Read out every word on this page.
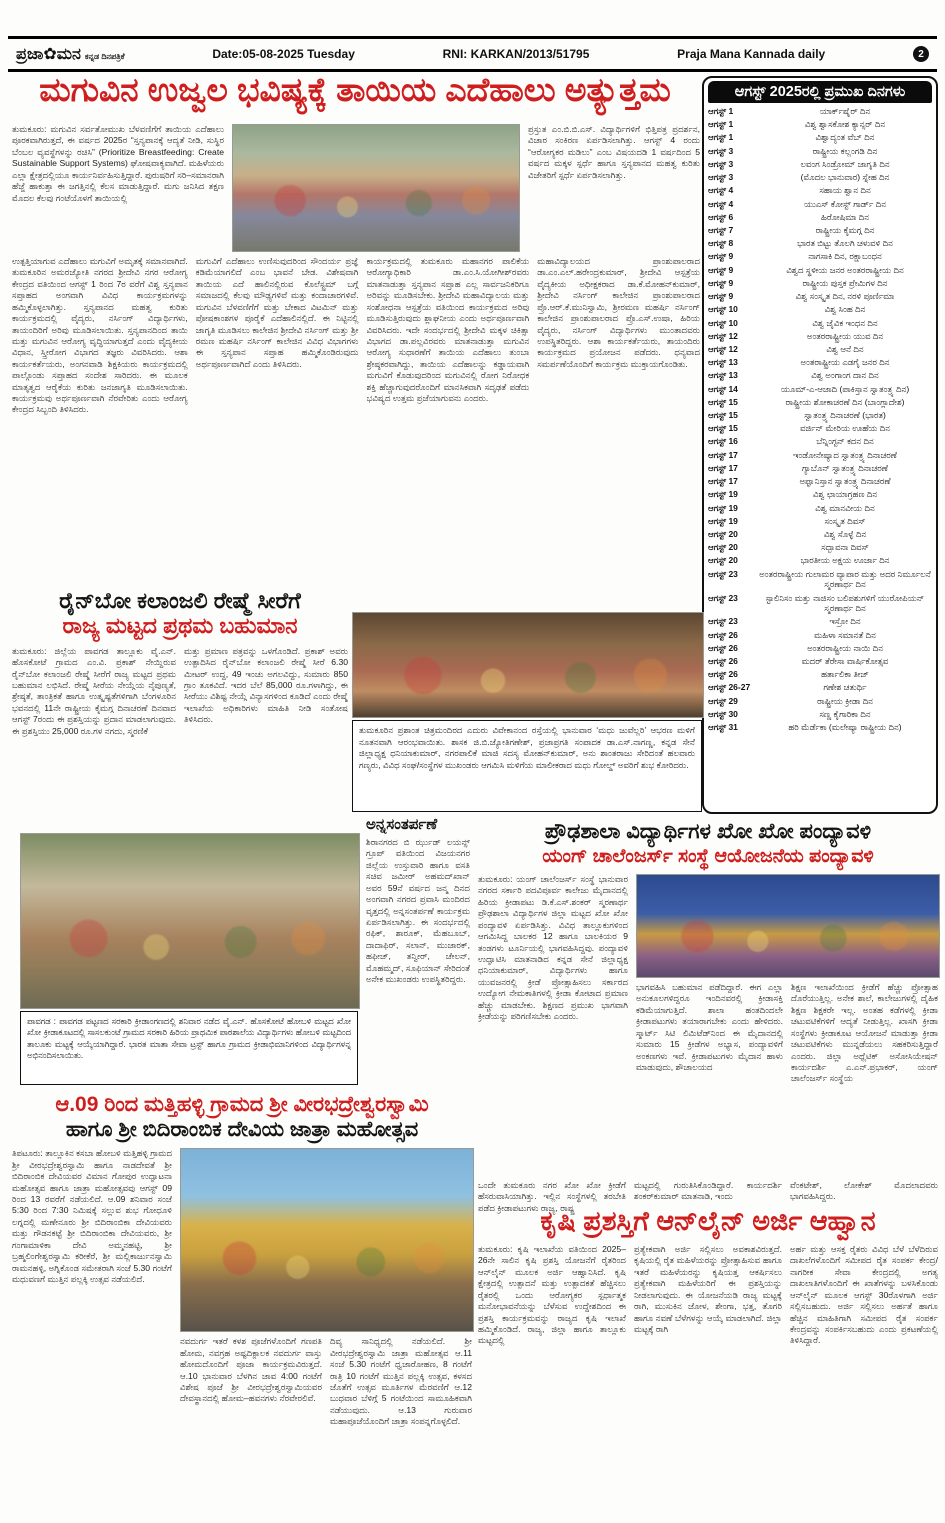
ಪ್ರಜಾ✿ಮನ ಕನ್ನಡ ದಿನಪತ್ರಿಕೆ	Date:05-08-2025 Tuesday	RNI: KARKAN/2013/51795	Praja Mana Kannada daily	2
ಮಗುವಿನ ಉಜ್ವಲ ಭವಿಷ್ಯಕ್ಕೆ ತಾಯಿಯ ಎದೆಹಾಲು ಅತ್ಯುತ್ತಮ	ಆಗಸ್ಟ್ 2025ರಲ್ಲಿ ಪ್ರಮುಖ ದಿನಗಳು
ಆಗಸ್ಟ್ 1	ಯಾರ್ಕ್‌ಷೈರ್ ದಿನ
ಆಗಸ್ಟ್ 1	ವಿಶ್ವ ಶ್ವಾಸಕೋಶ ಕ್ಯಾನ್ಸರ್ ದಿನ
ಆಗಸ್ಟ್ 1	ವಿಶ್ವಾದ್ಯಂತ ವೆಬ್ ದಿನ
ಆಗಸ್ಟ್ 3	ರಾಷ್ಟ್ರೀಯ ಕಲ್ಲಂಗಡಿ ದಿನ
ಆಗಸ್ಟ್ 3	ಲವಂಗ ಸಿಂಡ್ರೋಮ್ ಜಾಗೃತಿ ದಿನ
ಆಗಸ್ಟ್ 3	(ಮೊದಲ ಭಾನುವಾರ) ಸ್ನೇಹ ದಿನ
ಆಗಸ್ಟ್ 4	ಸಹಾಯ ಶ್ವಾನ ದಿನ
ಆಗಸ್ಟ್ 4	ಯುಎಸ್ ಕೋಸ್ಟ್ ಗಾರ್ಡ್ ದಿನ
ಆಗಸ್ಟ್ 6	ಹಿರೋಷಿಮಾ ದಿನ
ಆಗಸ್ಟ್ 7	ರಾಷ್ಟ್ರೀಯ ಕೈಮಗ್ಗ ದಿನ
ಆಗಸ್ಟ್ 8	ಭಾರತ ಬಿಟ್ಟು ತೊಲಗಿ ಚಳುವಳಿ ದಿನ
ಆಗಸ್ಟ್ 9	ನಾಗಸಾಕಿ ದಿನ, ರಕ್ಷಾಬಂಧನ
ಆಗಸ್ಟ್ 9	ವಿಶ್ವದ ಸ್ಥಳೀಯ ಜನರ ಅಂತರರಾಷ್ಟ್ರೀಯ ದಿನ
ಆಗಸ್ಟ್ 9	ರಾಷ್ಟ್ರೀಯ ಪುಸ್ತಕ ಪ್ರೇಮಿಗಳ ದಿನ
ಆಗಸ್ಟ್ 9	ವಿಶ್ವ ಸಂಸ್ಕೃತ ದಿನ, ನರಳಿ ಪೂರ್ಣಿಮಾ
ಆಗಸ್ಟ್ 10	ವಿಶ್ವ ಸಿಂಹ ದಿನ
ಆಗಸ್ಟ್ 10	ವಿಶ್ವ ಜೈವಿಕ ಇಂಧನ ದಿನ
ಆಗಸ್ಟ್ 12	ಅಂತರರಾಷ್ಟ್ರೀಯ ಯುವ ದಿನ
ಆಗಸ್ಟ್ 12	ವಿಶ್ವ ಆನೆ ದಿನ
ಆಗಸ್ಟ್ 13	ಅಂತರಾಷ್ಟ್ರೀಯ ಎಡಗೈ ಜನರ ದಿನ
ಆಗಸ್ಟ್ 13	ವಿಶ್ವ ಅಂಗಾಂಗ ದಾನ ದಿನ
ಆಗಸ್ಟ್ 14	ಯೂಮ್-ಎ-ಆಜಾದಿ (ಪಾಕಿಸ್ತಾನ ಸ್ವಾತಂತ್ರ್ಯ ದಿನ)
ಆಗಸ್ಟ್ 15	ರಾಷ್ಟ್ರೀಯ ಶೋಕಾಚರಣೆ ದಿನ (ಬಾಂಗ್ಲಾದೇಶ)
ಆಗಸ್ಟ್ 15	ಸ್ವಾತಂತ್ರ್ಯ ದಿನಾಚರಣೆ (ಭಾರತ)
ಆಗಸ್ಟ್ 15	ವರ್ಜಿನ್ ಮೇರಿಯ ಊಹೆಯ ದಿನ
ಆಗಸ್ಟ್ 16	ಬೆನ್ನಿಂಗ್ಟನ್ ಕದನ ದಿನ
ಆಗಸ್ಟ್ 17	ಇಂಡೋನೇಷ್ಯಾದ ಸ್ವಾತಂತ್ರ್ಯ ದಿನಾಚರಣೆ
ಆಗಸ್ಟ್ 17	ಗ್ಯಾಬೊನ್ ಸ್ವಾತಂತ್ರ್ಯ ದಿನಾಚರಣೆ
ಆಗಸ್ಟ್ 17	ಅಫ್ಘಾನಿಸ್ತಾನ ಸ್ವಾತಂತ್ರ್ಯ ದಿನಾಚರಣೆ
ಆಗಸ್ಟ್ 19	ವಿಶ್ವ ಛಾಯಾಗ್ರಹಣ ದಿನ
ಆಗಸ್ಟ್ 19	ವಿಶ್ವ ಮಾನವೀಯ ದಿನ
ಆಗಸ್ಟ್ 19	ಸಂಸ್ಕೃತ ದಿವಸ್
ಆಗಸ್ಟ್ 20	ವಿಶ್ವ ಸೊಳ್ಳೆ ದಿನ
ಆಗಸ್ಟ್ 20	ಸದ್ಭಾವನಾ ದಿವಸ್
ಆಗಸ್ಟ್ 20	ಭಾರತೀಯ ಅಕ್ಷಯ ಊರ್ಜಾ ದಿನ
ಆಗಸ್ಟ್ 23	ಅಂತರರಾಷ್ಟ್ರೀಯ ಗುಲಾಮರ ವ್ಯಾಪಾರ ಮತ್ತು ಅದರ ನಿರ್ಮೂಲನೆ ಸ್ಮರಣಾರ್ಥ ದಿನ
ಆಗಸ್ಟ್ 23	ಸ್ಟಾಲಿನಿಸಂ ಮತ್ತು ನಾಜಿಸಂ ಬಲಿಪಶುಗಳಿಗೆ ಯುರೋಪಿಯನ್ ಸ್ಮರಣಾರ್ಥ ದಿನ
ಆಗಸ್ಟ್ 23	ಇಸ್ರೋ ದಿನ
ಆಗಸ್ಟ್ 26	ಮಹಿಳಾ ಸಮಾನತೆ ದಿನ
ಆಗಸ್ಟ್ 26	ಅಂತರರಾಷ್ಟ್ರೀಯ ನಾಯಿ ದಿನ
ಆಗಸ್ಟ್ 26	ಮದರ್ ತೆರೇಸಾ ವಾರ್ಷಿಕೋತ್ಸವ
ಆಗಸ್ಟ್ 26	ಹರ್ತಾಲಿಕಾ ತೀಜ್
ಆಗಸ್ಟ್ 26-27	ಗಣೇಶ ಚತುರ್ಥಿ
ಆಗಸ್ಟ್ 29	ರಾಷ್ಟ್ರೀಯ ಕ್ರೀಡಾ ದಿನ
ಆಗಸ್ಟ್ 30	ಸಣ್ಣ ಕೈಗಾರಿಕಾ ದಿನ
ಆಗಸ್ಟ್ 31	ಹರಿ ಮೆರ್ಡೆಕಾ (ಮಲೇಷ್ಯಾ ರಾಷ್ಟ್ರೀಯ ದಿನ)
ತುಮಕೂರು: ಮಗುವಿನ ಸರ್ವತೋಮುಖ ಬೆಳವಣಿಗೆಗೆ ತಾಯಿಯ ಎದೆಹಾಲು ಪೂರಕವಾಗಿರುತ್ತದೆ, ಈ ವರ್ಷದ 2025ರ “ಸ್ತನ್ಯಪಾನಕ್ಕೆ ಆದ್ಯತೆ ನೀಡಿ, ಸುಸ್ಥಿರ ಬೆಂಬಲ ವ್ಯವಸ್ಥೆಗಳನ್ನು ರಚಿಸಿ” (Prioritize Breastfeeding: Create Sustainable Support Systems) ಘೋಷವಾಕ್ಯವಾಗಿದೆ. ಮಹಿಳೆಯರು ಎಲ್ಲಾ ಕ್ಷೇತ್ರದಲ್ಲಿಯೂ ಕಾರ್ಯನಿರ್ವಹಿಸುತ್ತಿದ್ದಾರೆ. ಪುರುಷರಿಗೆ ಸರಿ–ಸಮಾನರಾಗಿ ಹೆಜ್ಜೆ ಹಾಕುತ್ತಾ ಈ ಜಗತ್ತಿನಲ್ಲಿ ಕೆಲಸ ಮಾಡುತ್ತಿದ್ದಾರೆ. ಮಗು ಜನಿಸಿದ ತಕ್ಷಣ ಮೊದಲ ಕೆಲವು ಗಂಟೆಯೊಳಗೆ ತಾಯಿಯಲ್ಲಿ
ಪ್ರಸ್ತುತ ಎಂ.ಬಿ.ಬಿ.ಎಸ್. ವಿದ್ಯಾರ್ಥಿಗಳಿಗೆ ಭಿತ್ತಿಪತ್ರ ಪ್ರದರ್ಶನ, ವಿಚಾರ ಸಂಕಿರಣ ಏರ್ಪಡಿಸಲಾಗಿತ್ತು. ಆಗಸ್ಟ್ 4 ರಂದು “ಆರೋಗ್ಯಕರ ಮಡಿಲು” ಎಂಬ ವಿಷಯದಡಿ 1 ವರ್ಷದಿಂದ 5 ವರ್ಷದ ಮಕ್ಕಳ ಸ್ಪರ್ಧೆ ಹಾಗೂ ಸ್ತನ್ಯಪಾನದ ಮಹತ್ವ ಕುರಿತು ವಿಜೇತರಿಗೆ ಸ್ಪರ್ಧೆ ಏರ್ಪಡಿಸಲಾಗಿತ್ತು.
ಉತ್ಪತ್ತಿಯಾಗುವ ಎದೆಹಾಲು ಮಗುವಿಗೆ ಅಮೃತಕ್ಕೆ ಸಮಾನವಾಗಿದೆ. ತುಮಕೂರಿನ ಅಮರಜ್ಯೋತಿ ನಗರದ ಶ್ರೀದೇವಿ ನಗರ ಆರೋಗ್ಯ ಕೇಂದ್ರದ ವತಿಯಿಂದ ಆಗಸ್ಟ್ 1 ರಿಂದ 7ರ ವರೆಗೆ ವಿಶ್ವ ಸ್ತನ್ಯಪಾನ ಸಪ್ತಾಹದ ಅಂಗವಾಗಿ ವಿವಿಧ ಕಾರ್ಯಕ್ರಮಗಳನ್ನು ಹಮ್ಮಿಕೊಳ್ಳಲಾಗಿತ್ತು. ಸ್ತನ್ಯಪಾನದ ಮಹತ್ವ ಕುರಿತು ಕಾರ್ಯಕ್ರಮದಲ್ಲಿ ವೈದ್ಯರು, ನರ್ಸಿಂಗ್ ವಿದ್ಯಾರ್ಥಿಗಳು, ತಾಯಂದಿರಿಗೆ ಅರಿವು ಮೂಡಿಸಲಾಯಿತು. ಸ್ತನ್ಯಪಾನದಿಂದ ತಾಯಿ ಮತ್ತು ಮಗುವಿನ ಆರೋಗ್ಯ ವೃದ್ಧಿಯಾಗುತ್ತದೆ ಎಂದು ವೈದ್ಯಕೀಯ ವಿಧಾನ, ಸ್ತ್ರೀರೋಗ ವಿಭಾಗದ ತಜ್ಞರು ವಿವರಿಸಿದರು. ಆಶಾ ಕಾರ್ಯಕರ್ತೆಯರು, ಅಂಗನವಾಡಿ ಶಿಕ್ಷಕಿಯರು ಕಾರ್ಯಕ್ರಮದಲ್ಲಿ ಪಾಲ್ಗೊಂಡು ಸಪ್ತಾಹದ ಸಂದೇಶ ಸಾರಿದರು. ಈ ಮೂಲಕ ಮಾತೃತ್ವದ ಆರೈಕೆಯ ಕುರಿತು ಜನಜಾಗೃತಿ ಮೂಡಿಸಲಾಯಿತು. ಕಾರ್ಯಕ್ರಮವು ಅರ್ಥಪೂರ್ಣವಾಗಿ ನೆರವೇರಿತು ಎಂದು ಆರೋಗ್ಯ ಕೇಂದ್ರದ ಸಿಬ್ಬಂದಿ ತಿಳಿಸಿದರು.
ಮಗುವಿಗೆ ಎದೆಹಾಲು ಉಣಿಸುವುದರಿಂದ ಸೌಂದರ್ಯ ಪ್ರಜ್ಞೆ ಕಡಿಮೆಯಾಗಲಿದೆ ಎಂಬ ಭಾವನೆ ಬೇಡ. ವಿಶೇಷವಾಗಿ ತಾಯಿಯ ಎದೆ ಹಾಲಿನಲ್ಲಿರುವ ಕೊಲೆಸ್ಟ್ರಮ್ ಬಗ್ಗೆ ಸಮಾಜದಲ್ಲಿ ಕೆಲವು ಮೌಢ್ಯಗಳಿವೆ ಮತ್ತು ಕಂದಾಚಾರಗಳಿವೆ. ಮಗುವಿನ ಬೆಳವಣಿಗೆಗೆ ಮತ್ತು ಬೇಕಾದ ವಿಟಮಿನ್ ಮತ್ತು ಪೋಷಕಾಂಶಗಳ ಪೂರೈಕೆ ಎದೆಹಾಲಿನಲ್ಲಿದೆ. ಈ ನಿಟ್ಟಿನಲ್ಲಿ ಜಾಗೃತಿ ಮೂಡಿಸಲು ಕಾಲೇಜಿನ ಶ್ರೀದೇವಿ ನರ್ಸಿಂಗ್ ಮತ್ತು ಶ್ರೀ ರಮಣ ಮಹರ್ಷಿ ನರ್ಸಿಂಗ್ ಕಾಲೇಜಿನ ವಿವಿಧ ವಿಭಾಗಗಳು ಈ ಸ್ತನ್ಯಪಾನ ಸಪ್ತಾಹ ಹಮ್ಮಿಕೊಂಡಿರುವುದು ಅರ್ಥಪೂರ್ಣವಾಗಿದೆ ಎಂದು ತಿಳಿಸಿದರು.
ಕಾರ್ಯಕ್ರಮದಲ್ಲಿ ತುಮಕೂರು ಮಹಾನಗರ ಪಾಲಿಕೆಯ ಆರೋಗ್ಯಾಧಿಕಾರಿ ಡಾ.ಎಂ.ಸಿ.ಯೋಗೀಶ್‌ರವರು ಮಾತನಾಡುತ್ತಾ ಸ್ತನ್ಯಪಾನ ಸಪ್ತಾಹ ಎಲ್ಲ ಸಾರ್ವಜನಿಕರಿಗೂ ಅರಿವನ್ನು ಮೂಡಿಸಬೇಕು. ಶ್ರೀದೇವಿ ಮಹಾವಿದ್ಯಾಲಯ ಮತ್ತು ಸಂಶೋಧನಾ ಆಸ್ಪತ್ರೆಯ ವತಿಯಿಂದ ಕಾರ್ಯಕ್ರಮದ ಅರಿವು ಮೂಡಿಸುತ್ತಿರುವುದು ಶ್ಲಾಘನೀಯ ಎಂದು ಅರ್ಥಪೂರ್ಣವಾಗಿ ವಿವರಿಸಿದರು. ಇದೇ ಸಂದರ್ಭದಲ್ಲಿ ಶ್ರೀದೇವಿ ಮಕ್ಕಳ ಚಿಕಿತ್ಸಾ ವಿಭಾಗದ ಡಾ.ಪಲ್ಲವಿರವರು ಮಾತನಾಡುತ್ತಾ ಮಗುವಿನ ಆರೋಗ್ಯ ಸುಧಾರಣೆಗೆ ತಾಯಿಯ ಎದೆಹಾಲು ತುಂಬಾ ಶ್ರೇಷ್ಠಕರವಾಗಿದ್ದು, ತಾಯಿಯ ಎದೆಹಾಲನ್ನು ಕಡ್ಡಾಯವಾಗಿ ಮಗುವಿಗೆ ಕೊಡುವುದರಿಂದ ಮಗುವಿನಲ್ಲಿ ರೋಗ ನಿರೋಧಕ ಶಕ್ತಿ ಹೆಚ್ಚಾಗುವುದರೊಂದಿಗೆ ಮಾನಸಿಕವಾಗಿ ಸದೃಢತೆ ಪಡೆದು ಭವಿಷ್ಯದ ಉತ್ತಮ ಪ್ರಜೆಯಾಗುವನು ಎಂದರು.
ಮಹಾವಿದ್ಯಾಲಯದ ಪ್ರಾಂಶುಪಾಲರಾದ ಡಾ.ಎಂ.ಎಲ್.ಹರೇಂದ್ರಕುಮಾರ್, ಶ್ರೀದೇವಿ ಆಸ್ಪತ್ರೆಯ ವೈದ್ಯಕೀಯ ಅಧೀಕ್ಷಕರಾದ ಡಾ.ಕೆ.ಮೋಹನ್‌ಕುಮಾರ್, ಶ್ರೀದೇವಿ ನರ್ಸಿಂಗ್ ಕಾಲೇಜಿನ ಪ್ರಾಂಶುಪಾಲರಾದ ಪ್ರೊ.ಆರ್.ಕೆ.ಮುನಿಸ್ವಾಮಿ, ಶ್ರೀರಮಣ ಮಹರ್ಷಿ ನರ್ಸಿಂಗ್ ಕಾಲೇಜಿನ ಪ್ರಾಂಶುಪಾಲರಾದ ಪ್ರೊ.ಎಸ್.ಉಷಾ, ಹಿರಿಯ ವೈದ್ಯರು, ನರ್ಸಿಂಗ್ ವಿದ್ಯಾರ್ಥಿಗಳು ಮುಂತಾದವರು ಉಪಸ್ಥಿತರಿದ್ದರು. ಆಶಾ ಕಾರ್ಯಕರ್ತೆಯರು, ತಾಯಂದಿರು ಕಾರ್ಯಕ್ರಮದ ಪ್ರಯೋಜನ ಪಡೆದರು. ಧನ್ಯವಾದ ಸಮರ್ಪಣೆಯೊಂದಿಗೆ ಕಾರ್ಯಕ್ರಮ ಮುಕ್ತಾಯಗೊಂಡಿತು.
ರೈನ್‌ಬೋ ಕಲಾಂಜಲಿ ರೇಷ್ಮೆ ಸೀರೆಗೆ
ರಾಜ್ಯ ಮಟ್ಟದ ಪ್ರಥಮ ಬಹುಮಾನ
ತುಮಕೂರು: ಜಿಲ್ಲೆಯ ಪಾವಗಡ ತಾಲ್ಲೂಕು ವೈ.ಎನ್. ಹೊಸಕೋಟೆ ಗ್ರಾಮದ ಎಂ.ವಿ. ಪ್ರಕಾಶ್ ನೇಯ್ದಿರುವ ರೈನ್‌ಬೋ ಕಲಾಂಜಲಿ ರೇಷ್ಮೆ ಸೀರೆಗೆ ರಾಜ್ಯ ಮಟ್ಟದ ಪ್ರಥಮ ಬಹುಮಾನ ಲಭಿಸಿದೆ. ರೇಷ್ಮೆ ಸೀರೆಯ ನೇಯ್ಗೆಯ ನೈಪುಣ್ಯತೆ, ಶ್ರೇಷ್ಠತೆ, ತಾಂತ್ರಿಕತೆ ಹಾಗೂ ಉತ್ಕೃಷ್ಟತೆಗಳಿಗಾಗಿ ಬೆಂಗಳೂರಿನ ಭವನದಲ್ಲಿ 11ನೇ ರಾಷ್ಟ್ರೀಯ ಕೈಮಗ್ಗ ದಿನಾಚರಣೆ ದಿನವಾದ ಆಗಸ್ಟ್ 7ರಂದು ಈ ಪ್ರಶಸ್ತಿಯನ್ನು ಪ್ರದಾನ ಮಾಡಲಾಗುವುದು. ಈ ಪ್ರಶಸ್ತಿಯು 25,000 ರೂ.ಗಳ ನಗದು, ಸ್ಮರಣಿಕೆ
ಮತ್ತು ಪ್ರಮಾಣ ಪತ್ರವನ್ನು ಒಳಗೊಂಡಿದೆ. ಪ್ರಕಾಶ್ ಅವರು ಉತ್ಪಾದಿಸಿದ ರೈನ್‌ಬೋ ಕಲಾಂಜಲಿ ರೇಷ್ಮೆ ಸೀರೆ 6.30 ಮೀಟರ್ ಉದ್ದ, 49 ಇಂಚು ಅಗಲವಿದ್ದು, ಸುಮಾರು 850 ಗ್ರಾಂ ತೂಕವಿದೆ. ಇದರ ಬೆಲೆ 85,000 ರೂ.ಗಳಾಗಿದ್ದು, ಈ ಸೀರೆಯು ವಿಶಿಷ್ಟ ನೇಯ್ಗೆ ವಿನ್ಯಾಸಗಳಿಂದ ಕೂಡಿದೆ ಎಂದು ರೇಷ್ಮೆ ಇಲಾಖೆಯ ಅಧಿಕಾರಿಗಳು ಮಾಹಿತಿ ನೀಡಿ ಸಂತೋಷ ತಿಳಿಸಿದರು.
ತುಮಕೂರಿನ ಪ್ರಶಾಂತ ಚಿತ್ರಮಂದಿರದ ಎದುರು ವಿವೇಕಾನಂದ ರಸ್ತೆಯಲ್ಲಿ ಭಾನುವಾರ ‘ಮಧು ಜುವೆಲ್ಲರಿ’ ಆಭರಣ ಮಳಿಗೆ ನೂತನವಾಗಿ ಆರಂಭವಾಯಿತು. ಶಾಸಕ ಜಿ.ಬಿ.ಜ್ಯೋತಿಗಣೇಶ್, ಪ್ರಜಾಪ್ರಗತಿ ಸಂಪಾದಕ ಡಾ.ಎಸ್.ನಾಗಣ್ಣ, ಕನ್ನಡ ಸೇನೆ ಜಿಲ್ಲಾಧ್ಯಕ್ಷ ಧನಿಯಾಕುಮಾರ್, ನಗರಪಾಲಿಕೆ ಮಾಜಿ ಸದಸ್ಯ ಮೋಹನ್‌ಕುಮಾರ್, ಅನು ಶಾಂತರಾಜು ಸೇರಿದಂತೆ ಹಲವಾರು ಗಣ್ಯರು, ವಿವಿಧ ಸಂಘ/ಸಂಸ್ಥೆಗಳ ಮುಖಂಡರು ಆಗಮಿಸಿ ಮಳಿಗೆಯ ಮಾಲೀಕರಾದ ಮಧು ಗೋಲ್ಡ್ ಅವರಿಗೆ ಶುಭ ಕೋರಿದರು.
ಪಾವಗಡ : ಪಾವಗಡ ಪಟ್ಟಣದ ಸರಕಾರಿ ಕ್ರೀಡಾಂಗಣದಲ್ಲಿ ಶನಿವಾರ ನಡೆದ ವೈ.ಎನ್. ಹೊಸಕೋಟೆ ಹೋಬಳಿ ಮಟ್ಟದ ಖೋ ಖೋ ಕ್ರೀಡಾಕೂಟದಲ್ಲಿ ಸಾಸಲಕುಂಟೆ ಗ್ರಾಮದ ಸರಕಾರಿ ಹಿರಿಯ ಪ್ರಾಥಮಿಕ ಪಾಠಶಾಲೆಯ ವಿದ್ಯಾರ್ಥಿಗಳು ಹೋಬಳಿ ಮಟ್ಟದಿಂದ ತಾಲೂಕು ಮಟ್ಟಕ್ಕೆ ಆಯ್ಕೆಯಾಗಿದ್ದಾರೆ. ಭಾರತ ಮಾತಾ ಸೇವಾ ಟ್ರಸ್ಟ್ ಹಾಗೂ ಗ್ರಾಮದ ಕ್ರೀಡಾಭಿಮಾನಿಗಳಿಂದ ವಿದ್ಯಾರ್ಥಿಗಳನ್ನ ಅಭಿನಂದಿಸಲಾಯಿತು.
ಅನ್ನಸಂತರ್ಪಣೆ
ಶಿರಾನಗರದ ಬಿ ರ್ಝುಡ್ ಲಯನ್ಸ್ ಗ್ರೂಪ್ ವತಿಯಿಂದ ವಿಜಯನಗರ ಜಿಲ್ಲೆಯ ಉಸ್ತುವಾರಿ ಹಾಗೂ ವಸತಿ ಸಚಿವ ಜಮೀರ್ ಅಹಮದ್‌ಖಾನ್ ಅವರ 59ನೆ ವರ್ಷದ ಜನ್ಮ ದಿನದ ಅಂಗವಾಗಿ ನಗರದ ಪ್ರವಾಸಿ ಮಂದಿರದ ವೃತ್ತದಲ್ಲಿ ಅನ್ನಸಂತರ್ಪಣೆ ಕಾರ್ಯಕ್ರಮ ಏರ್ಪಡಿಸಲಾಗಿತ್ತು. ಈ ಸಂದರ್ಭದಲ್ಲಿ ರಫಿಕ್, ಶಾರೂಕ್, ಮೆಹಬೂಬ್, ದಾದಾಫಿರ್, ಸಲಾನ್, ಮುಜಾರಕ್, ಹಫೀಜ್, ತನ್ವೀರ್, ಚೇಲನ್, ಮೊಹಮ್ಮದ್, ಸೂಫಿಯಾನ್ ಸೇರಿದಂತೆ ಅನೇಕ ಮುಖಂಡರು ಉಪಸ್ಥಿತರಿದ್ದರು.
ಪ್ರೌಢಶಾಲಾ ವಿದ್ಯಾರ್ಥಿಗಳ ಖೋ ಖೋ ಪಂದ್ಯಾವಳಿ
ಯಂಗ್ ಚಾಲೆಂಜರ್ಸ್ ಸಂಸ್ಥೆ ಆಯೋಜನೆಯ ಪಂದ್ಯಾವಳಿ
ತುಮಕೂರು: ಯಂಗ್ ಚಾಲೆಂಜರ್ಸ್ ಸಂಸ್ಥೆ ಭಾನುವಾರ ನಗರದ ಸರ್ಕಾರಿ ಪದವಿಪೂರ್ವ ಕಾಲೇಜು ಮೈದಾನದಲ್ಲಿ ಹಿರಿಯ ಕ್ರೀಡಾಪಟು ಡಿ.ಕೆ.ಎಸ್.ಶಂಕರ್ ಸ್ಮರಣಾರ್ಥ ಪ್ರೌಢಶಾಲಾ ವಿದ್ಯಾರ್ಥಿಗಳ ಜಿಲ್ಲಾ ಮಟ್ಟದ ಖೋ ಖೋ ಪಂದ್ಯಾವಳಿ ಏರ್ಪಡಿಸಿತ್ತು. ವಿವಿಧ ತಾಲ್ಲೂಕುಗಳಿಂದ ಆಗಮಿಸಿದ್ದ ಬಾಲಕರ 12 ಹಾಗೂ ಬಾಲಕಿಯರ 9 ತಂಡಗಳು ಟೂರ್ನಿಯಲ್ಲಿ ಭಾಗವಹಿಸಿದ್ದವು. ಪಂದ್ಯಾವಳಿ ಉದ್ಘಾಟಿಸಿ ಮಾತನಾಡಿದ ಕನ್ನಡ ಸೇನೆ ಜಿಲ್ಲಾಧ್ಯಕ್ಷ ಧನಿಯಾಕುಮಾರ್, ವಿದ್ಯಾರ್ಥಿಗಳು ಹಾಗೂ ಯುವಜನರಲ್ಲಿ ಕ್ರೀಡೆ ಪ್ರೋತ್ಸಾಹಿಸಲು ಸರ್ಕಾರದ ಉದ್ಯೋಗ ನೇಮಕಾತಿಗಳಲ್ಲಿ ಕ್ರೀಡಾ ಕೋಟಾದ ಪ್ರಮಾಣ ಹೆಚ್ಚು ಮಾಡಬೇಕು. ಶಿಕ್ಷಣದ ಪ್ರಮುಖ ಭಾಗವಾಗಿ ಕ್ರೀಡೆಯನ್ನು ಪರಿಗಣಿಸಬೇಕು ಎಂದರು.
ಭಾಗವಹಿಸಿ ಬಹುಮಾನ ಪಡೆದಿದ್ದಾರೆ. ಈಗ ಎಲ್ಲಾ ಅನುಕೂಲಗಳಿದ್ದರೂ ಇಂದಿನವರಲ್ಲಿ ಕ್ರೀಡಾಸಕ್ತಿ ಕಡಿಮೆಯಾಗುತ್ತಿದೆ. ಶಾಲಾ ಹಂತದಿಂದಲೇ ಕ್ರೀಡಾಪಟುಗಳು ತಯಾರಾಗಬೇಕು ಎಂದು ಹೇಳಿದರು. ಸ್ಮಾರ್ಟ್ ಸಿಟಿ ಲಿಮಿಟೆಡ್‌ನಿಂದ ಈ ಮೈದಾನದಲ್ಲಿ ಸುಮಾರು 15 ಕ್ರೀಡೆಗಳ ಅಭ್ಯಾಸ, ಪಂದ್ಯಾವಳಿಗೆ ಅಂಕಣಗಳು ಇವೆ. ಕ್ರೀಡಾಪಟುಗಳು ಮೈದಾನ ಹಾಳು ಮಾಡುವುದು, ಶೌಚಾಲಯದ
ಶಿಕ್ಷಣ ಇಲಾಖೆಯಿಂದ ಕ್ರೀಡೆಗೆ ಹೆಚ್ಚು ಪ್ರೋತ್ಸಾಹ ದೊರೆಯುತ್ತಿಲ್ಲ. ಅನೇಕ ಶಾಲೆ, ಕಾಲೇಜುಗಳಲ್ಲಿ ದೈಹಿಕ ಶಿಕ್ಷಣ ಶಿಕ್ಷಕರೇ ಇಲ್ಲ. ಅಂತಹ ಕಡೆಗಳಲ್ಲಿ ಕ್ರೀಡಾ ಚಟುವಟಿಕೆಗಳಿಗೆ ಆದ್ಯತೆ ನೀಡುತ್ತಿಲ್ಲ. ಖಾಸಗಿ ಕ್ರೀಡಾ ಸಂಸ್ಥೆಗಳು ಕ್ರೀಡಾಕೂಟ ಆಯೋಜನೆ ಮಾಡುತ್ತಾ ಕ್ರೀಡಾ ಚಟುವಟಿಕೆಗಳು ಮುನ್ನಡೆಯಲು ಸಹಕರಿಸುತ್ತಿದ್ದಾರೆ ಎಂದರು. ಜಿಲ್ಲಾ ಅಥ್ಲೆಟಿಕ್ ಅಸೋಸಿಯೇಷನ್ ಕಾರ್ಯದರ್ಶಿ ಎ.ಎನ್.ಪ್ರಭಾಕರ್, ಯಂಗ್ ಚಾಲೆಂಜರ್ಸ್ ಸಂಸ್ಥೆಯ
ಒಂದೇ ತುಮಕೂರು ನಗರ ಖೋ ಖೋ ಕ್ರೀಡೆಗೆ ಹೆಸರುವಾಸಿಯಾಗಿತ್ತು. ಇಲ್ಲಿನ ಸಂಸ್ಥೆಗಳಲ್ಲಿ ತರಬೇತಿ ಪಡೆದ ಕ್ರೀಡಾಪಟುಗಳು ರಾಜ್ಯ, ರಾಷ್ಟ್ರ
ಮಟ್ಟದಲ್ಲಿ ಗುರುತಿಸಿಕೊಂಡಿದ್ದಾರೆ. ಕಾರ್ಯದರ್ಶಿ ಶಂಕರ್‌ಕುಮಾರ್ ಮಾತನಾಡಿ, ಇಂದು
ವೆಂಕಟೇಶ್, ಲೋಕೇಶ್ ಮೊದಲಾದವರು ಭಾಗವಹಿಸಿದ್ದರು.
ಆ.09 ರಿಂದ ಮತ್ತಿಹಳ್ಳಿ ಗ್ರಾಮದ ಶ್ರೀ ವೀರಭದ್ರೇಶ್ವರಸ್ವಾಮಿ
ಹಾಗೂ ಶ್ರೀ ಬಿದಿರಾಂಬಿಕ ದೇವಿಯ ಜಾತ್ರಾ ಮಹೋತ್ಸವ
ತಿಪಟೂರು: ತಾಲ್ಲೂಕಿನ ಕಸಬಾ ಹೋಬಳಿ ಮತ್ತಿಹಳ್ಳಿ ಗ್ರಾಮದ ಶ್ರೀ ವೀರಭದ್ರೇಶ್ವರಸ್ವಾಮಿ ಹಾಗೂ ನಾಡದೇವತೆ ಶ್ರೀ ಬಿದಿರಾಂಬಿಕ ದೇವಿಯವರ ವಿಮಾನ ಗೋಪುರ ಉದ್ಘಾಟನಾ ಮಹೋತ್ಸವ ಹಾಗೂ ಜಾತ್ರಾ ಮಹೋತ್ಸವವು ಆಗಸ್ಟ್ 09 ರಿಂದ 13 ರವರೆಗೆ ನಡೆಯಲಿದೆ. ಆ.09 ಶನಿವಾರ ಸಂಜೆ 5:30 ರಿಂದ 7:30 ನಿಮಿಷಕ್ಕೆ ಸಲ್ಲುವ ಶುಭ ಗೋಧೂಳಿ ಲಗ್ನದಲ್ಲಿ ಮಣೇನೂರು ಶ್ರೀ ಬಿದಿರಾಂಬಿಕಾ ದೇವಿಯವರು ಮತ್ತು ಗೌಡನಕಟ್ಟೆ ಶ್ರೀ ಬಿದಿರಾಂಬಿಕಾ ದೇವಿಯವರು, ಶ್ರೀ ಗಂಗಾಮಾಳಿಕಾ ದೇವಿ ಅಮ್ಮನಹಟ್ಟಿ, ಶ್ರೀ ಬ್ರಹ್ಮಲಿಂಗೇಶ್ವರಸ್ವಾಮಿ ಕರೀಕೆರೆ, ಶ್ರೀ ಮಲ್ಲಿಕಾರ್ಜುನಸ್ವಾಮಿ ರಾಮನಹಳ್ಳಿ, ಅಗ್ನಿಕೊಂಡ ಸಮೇತರಾಗಿ ಸಂಜೆ 5.30 ಗಂಟೆಗೆ ಮಧುವಣಗೆ ಮುತ್ತಿನ ಪಲ್ಲಕ್ಕಿ ಉತ್ಸವ ನಡೆಯಲಿದೆ.
ನವದುರ್ಗ ಇತರೆ ಕಳಶ ಪೂಜೆಗಳೊಂದಿಗೆ ಗಣಪತಿ ಹೋಮ, ನವಗ್ರಹ ಅಷ್ಟದಿಕ್ಪಾಲಕ ನವದುರ್ಗ ವಾಸ್ತು ಹೋಮದೊಂದಿಗೆ ಪೂಜಾ ಕಾರ್ಯಕ್ರಮವಿರುತ್ತದೆ. ಆ.10 ಭಾನುವಾರ ಬೆಳಗಿನ ಜಾವ 4:00 ಗಂಟೆಗೆ ವಿಶೇಷ ಪೂಜೆ ಶ್ರೀ ವೀರಭದ್ರೇಶ್ವರಸ್ವಾಮಿಯವರ ದೇವಸ್ಥಾನದಲ್ಲಿ ಹೋಮ–ಹವನಗಳು ನೆರವೇರಲಿವೆ.
ದಿವ್ಯ ಸಾನಿಧ್ಯದಲ್ಲಿ ನಡೆಯಲಿದೆ. ಶ್ರೀ ವೀರಭದ್ರೇಶ್ವರಸ್ವಾಮಿ ಜಾತ್ರಾ ಮಹೋತ್ಸವ ಆ.11 ಸಂಜೆ 5.30 ಗಂಟೆಗೆ ಧ್ವಜಾರೋಹಣ, 8 ಗಂಟೆಗೆ ರಾತ್ರಿ 10 ಗಂಟೆಗೆ ಮುತ್ತಿನ ಪಲ್ಲಕ್ಕಿ ಉತ್ಸವ, ಕಳಸದ ಜೊತೆಗೆ ಉತ್ಸವ ಮೂರ್ತಿಗಳ ಮೆರವಣಿಗೆ ಆ.12 ಬುಧವಾರ ಬೆಳಿಗ್ಗೆ 5 ಗಂಟೆಯಿಂದ ಸಾಮೂಹಿಕವಾಗಿ ನಡೆಯುವುದು. ಆ.13 ಗುರುವಾರ ಮಹಾಪೂಜೆಯೊಂದಿಗೆ ಜಾತ್ರಾ ಸಂಪನ್ನಗೊಳ್ಳಲಿದೆ.
ಕೃಷಿ ಪ್ರಶಸ್ತಿಗೆ ಆನ್‌ಲೈನ್ ಅರ್ಜಿ ಆಹ್ವಾನ
ತುಮಕೂರು: ಕೃಷಿ ಇಲಾಖೆಯ ವತಿಯಿಂದ 2025–26ನೇ ಸಾಲಿನ ಕೃಷಿ ಪ್ರಶಸ್ತಿ ಯೋಜನೆಗೆ ರೈತರಿಂದ ಆನ್‌ಲೈನ್ ಮೂಲಕ ಅರ್ಜಿ ಆಹ್ವಾನಿಸಿದೆ. ಕೃಷಿ ಕ್ಷೇತ್ರದಲ್ಲಿ ಉತ್ಪಾದನೆ ಮತ್ತು ಉತ್ಪಾದಕತೆ ಹೆಚ್ಚಿಸಲು ರೈತರಲ್ಲಿ ಒಂದು ಆರೋಗ್ಯಕರ ಸ್ಪರ್ಧಾತ್ಮಕ ಮನೋಭಾವನೆಯನ್ನು ಬೆಳೆಸುವ ಉದ್ದೇಶದಿಂದ ಈ ಪ್ರಶಸ್ತಿ ಕಾರ್ಯಕ್ರಮವನ್ನು ರಾಜ್ಯದ ಕೃಷಿ ಇಲಾಖೆ ಹಮ್ಮಿಕೊಂಡಿದೆ. ರಾಜ್ಯ, ಜಿಲ್ಲಾ ಹಾಗೂ ತಾಲ್ಲೂಕು ಮಟ್ಟದಲ್ಲಿ
ಪ್ರತ್ಯೇಕವಾಗಿ ಅರ್ಜಿ ಸಲ್ಲಿಸಲು ಅವಕಾಶವಿರುತ್ತದೆ. ಕೃಷಿಯಲ್ಲಿ ರೈತ ಮಹಿಳೆಯರನ್ನು ಪ್ರೋತ್ಸಾಹಿಸುವ ಹಾಗೂ ಇತರೆ ಮಹಿಳೆಯರನ್ನು ಕೃಷಿಯತ್ತ ಆಕರ್ಷಿಸಲು ಪ್ರತ್ಯೇಕವಾಗಿ ಮಹಿಳೆಯರಿಗೆ ಈ ಪ್ರಶಸ್ತಿಯನ್ನು ನೀಡಲಾಗುವುದು. ಈ ಯೋಜನೆಯಡಿ ರಾಜ್ಯ ಮಟ್ಟಕ್ಕೆ ರಾಗಿ, ಮುಸುಕಿನ ಜೋಳ, ಶೇಂಗಾ, ಭತ್ತ, ತೊಗರಿ ಹಾಗೂ ನವಣೆ ಬೆಳೆಗಳನ್ನು ಆಯ್ಕೆ ಮಾಡಲಾಗಿದೆ. ಜಿಲ್ಲಾ ಮಟ್ಟಕ್ಕೆ ರಾಗಿ
ಅರ್ಹ ಮತ್ತು ಆಸಕ್ತ ರೈತರು ವಿವಿಧ ಬೆಳೆ ಬೆಳೆದಿರುವ ದಾಖಲೆಗಳೊಂದಿಗೆ ಸಮೀಪದ ರೈತ ಸಂಪರ್ಕ ಕೇಂದ್ರ/ ನಾಗರೀಕ ಸೇವಾ ಕೇಂದ್ರದಲ್ಲಿ ಅಗತ್ಯ ದಾಖಲಾತಿಗಳೊಂದಿಗೆ ಈ ಖಾತೆಗಳನ್ನು ಬಳಸಿಕೊಂಡು ಆನ್‌ಲೈನ್ ಮೂಲಕ ಆಗಸ್ಟ್ 30ರೊಳಗಾಗಿ ಅರ್ಜಿ ಸಲ್ಲಿಸಬಹುದು. ಅರ್ಜಿ ಸಲ್ಲಿಸಲು ಅರ್ಹತೆ ಹಾಗೂ ಹೆಚ್ಚಿನ ಮಾಹಿತಿಗಾಗಿ ಸಮೀಪದ ರೈತ ಸಂಪರ್ಕ ಕೇಂದ್ರವನ್ನು ಸಂಪರ್ಕಿಸಬಹುದು ಎಂದು ಪ್ರಕಟಣೆಯಲ್ಲಿ ತಿಳಿಸಿದ್ದಾರೆ.
